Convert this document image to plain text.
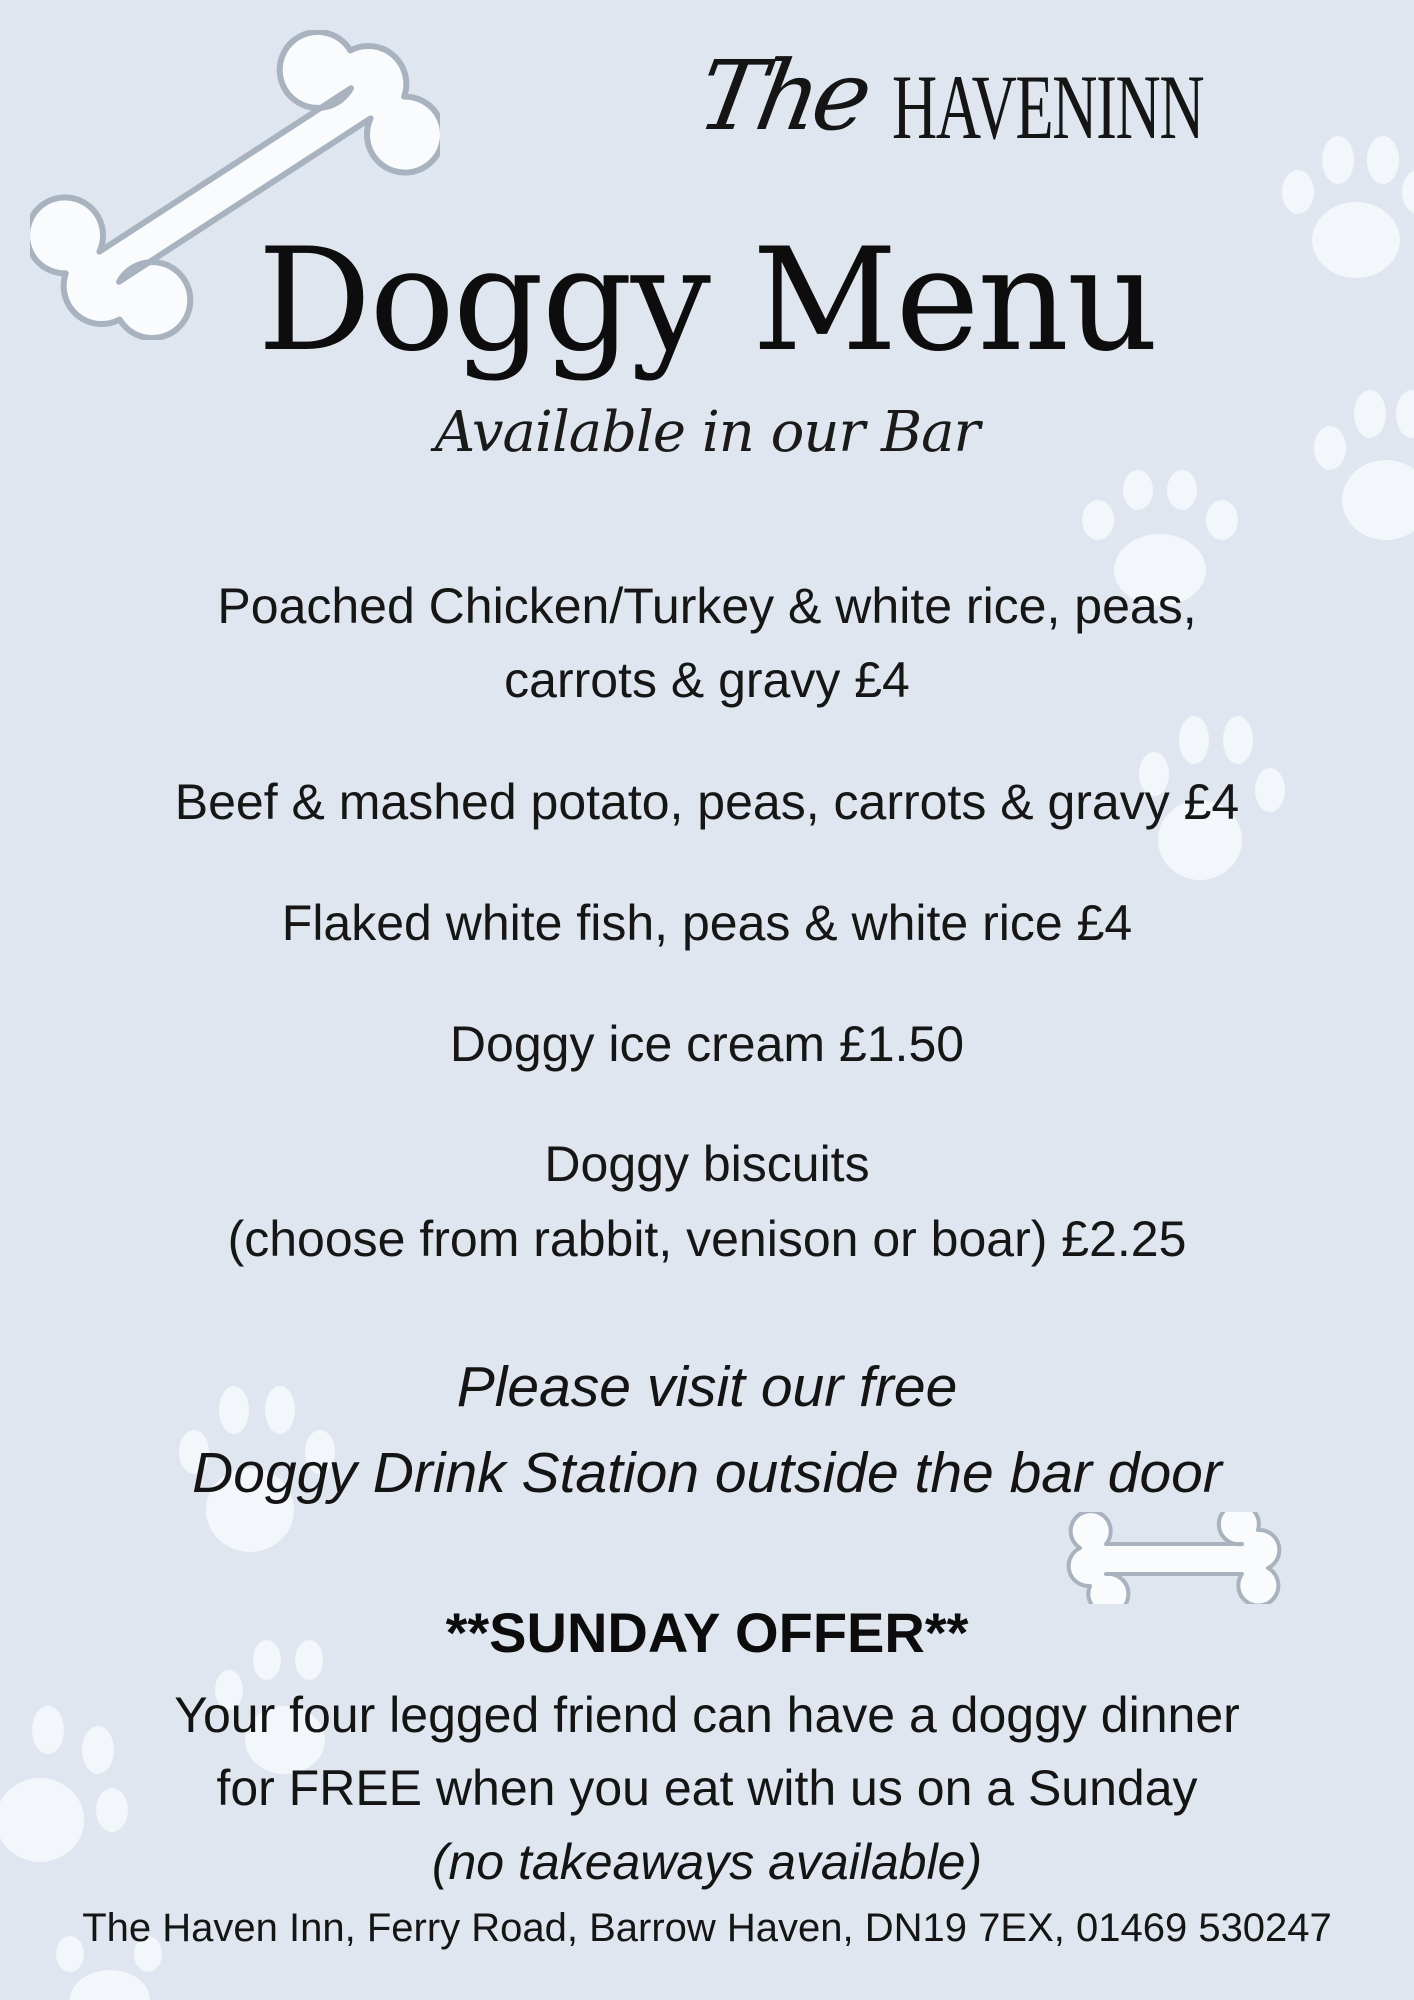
The HAVENINN
Doggy Menu
Available in our Bar
Poached Chicken/Turkey & white rice, peas,
carrots & gravy £4
Beef & mashed potato, peas, carrots & gravy £4
Flaked white fish, peas & white rice £4
Doggy ice cream £1.50
Doggy biscuits
(choose from rabbit, venison or boar) £2.25
Please visit our free
Doggy Drink Station outside the bar door
**SUNDAY OFFER**
Your four legged friend can have a doggy dinner
for FREE when you eat with us on a Sunday
(no takeaways available)
The Haven Inn, Ferry Road, Barrow Haven, DN19 7EX, 01469 530247
